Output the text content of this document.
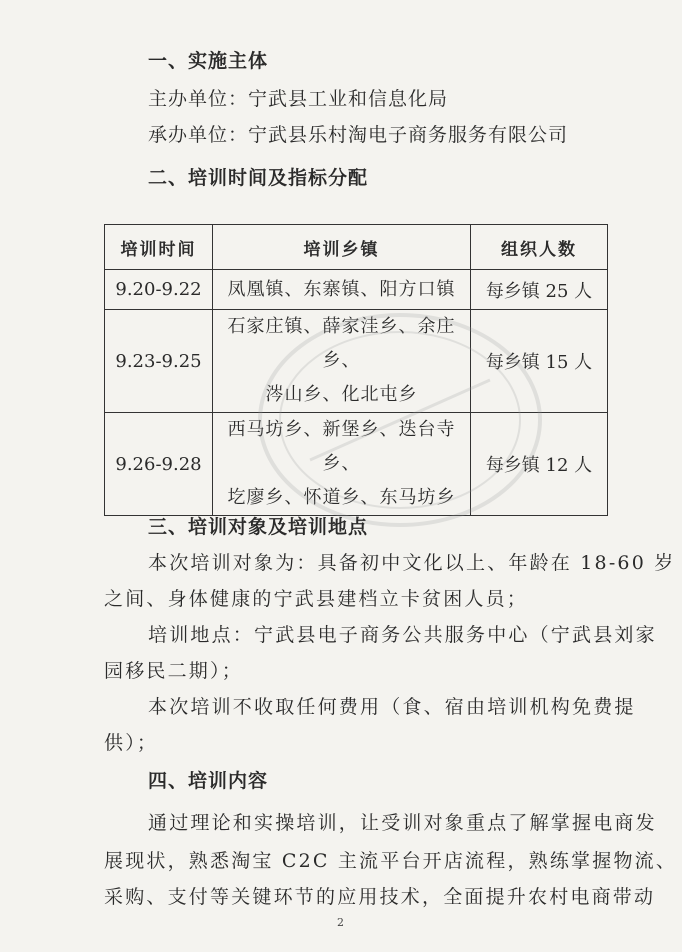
一、实施主体
主办单位：宁武县工业和信息化局
承办单位：宁武县乐村淘电子商务服务有限公司
二、培训时间及指标分配
培训时间	培训乡镇	组织人数
9.20-9.22	凤凰镇、东寨镇、阳方口镇	每乡镇 25 人
9.23-9.25	石家庄镇、薛家洼乡、余庄乡、
涔山乡、化北屯乡	每乡镇 15 人
9.26-9.28	西马坊乡、新堡乡、迭台寺乡、
圪廖乡、怀道乡、东马坊乡	每乡镇 12 人
三、培训对象及培训地点
本次培训对象为：具备初中文化以上、年龄在 18-60 岁
之间、身体健康的宁武县建档立卡贫困人员；
培训地点：宁武县电子商务公共服务中心（宁武县刘家
园移民二期）；
本次培训不收取任何费用（食、宿由培训机构免费提
供）；
四、培训内容
通过理论和实操培训，让受训对象重点了解掌握电商发
展现状，熟悉淘宝 C2C 主流平台开店流程，熟练掌握物流、
采购、支付等关键环节的应用技术，全面提升农村电商带动
2
